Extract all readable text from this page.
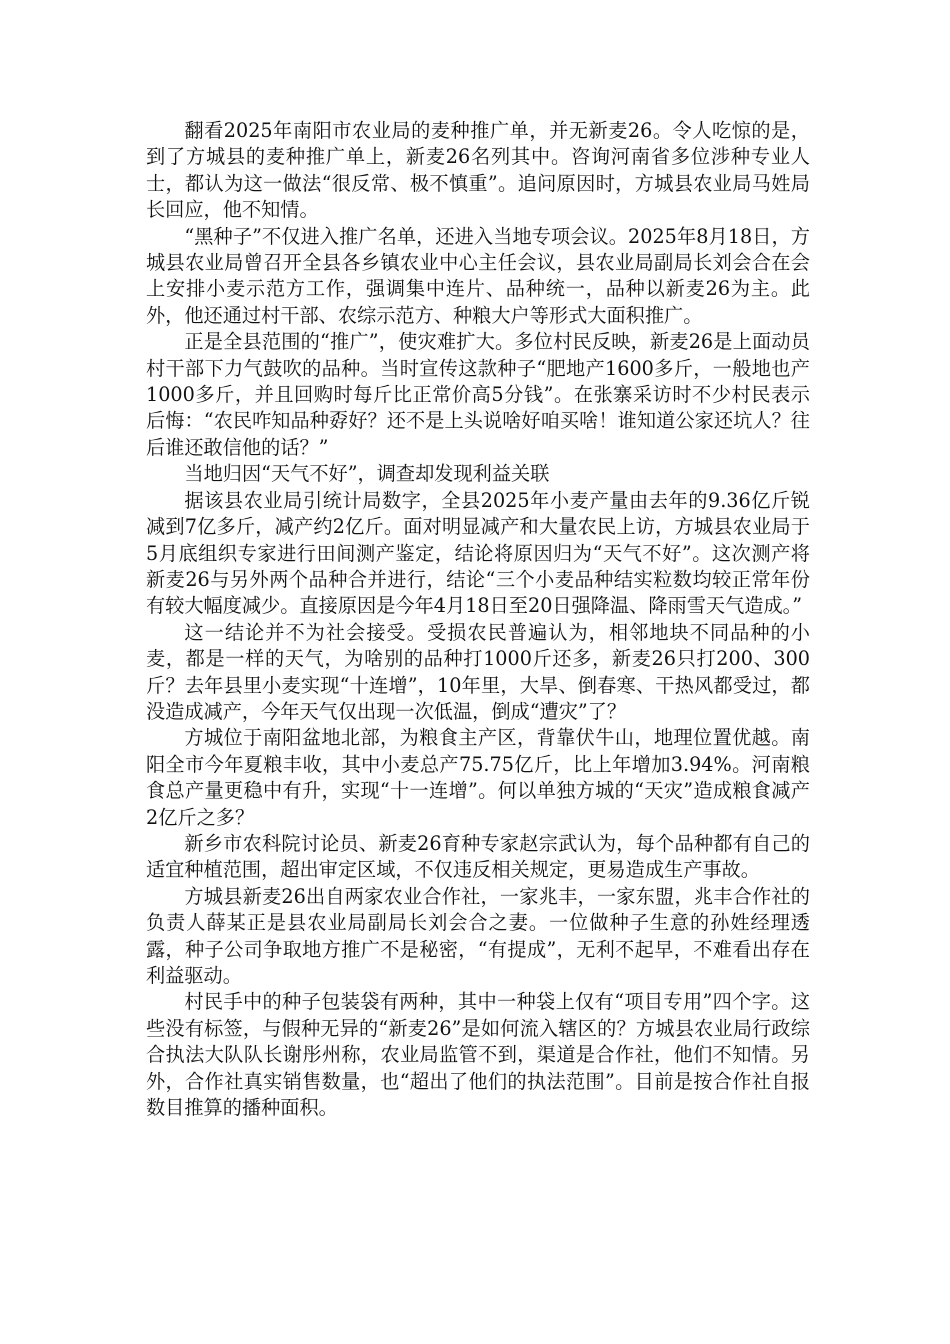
翻看2025年南阳市农业局的麦种推广单，并无新麦26。令人吃惊的是，到了方城县的麦种推广单上，新麦26名列其中。咨询河南省多位涉种专业人士，都认为这一做法“很反常、极不慎重”。追问原因时，方城县农业局马姓局长回应，他不知情。

“黑种子”不仅进入推广名单，还进入当地专项会议。2025年8月18日，方城县农业局曾召开全县各乡镇农业中心主任会议，县农业局副局长刘会合在会上安排小麦示范方工作，强调集中连片、品种统一，品种以新麦26为主。此外，他还通过村干部、农综示范方、种粮大户等形式大面积推广。

正是全县范围的“推广”，使灾难扩大。多位村民反映，新麦26是上面动员村干部下力气鼓吹的品种。当时宣传这款种子“肥地产1600多斤，一般地也产1000多斤，并且回购时每斤比正常价高5分钱”。在张寨采访时不少村民表示后悔：“农民咋知品种孬好？还不是上头说啥好咱买啥！谁知道公家还坑人？往后谁还敢信他的话？”

当地归因“天气不好”，调查却发现利益关联

据该县农业局引统计局数字，全县2025年小麦产量由去年的9.36亿斤锐减到7亿多斤，减产约2亿斤。面对明显减产和大量农民上访，方城县农业局于5月底组织专家进行田间测产鉴定，结论将原因归为“天气不好”。这次测产将新麦26与另外两个品种合并进行，结论“三个小麦品种结实粒数均较正常年份有较大幅度减少。直接原因是今年4月18日至20日强降温、降雨雪天气造成。”

这一结论并不为社会接受。受损农民普遍认为，相邻地块不同品种的小麦，都是一样的天气，为啥别的品种打1000斤还多，新麦26只打200、300斤？去年县里小麦实现“十连增”，10年里，大旱、倒春寒、干热风都受过，都没造成减产，今年天气仅出现一次低温，倒成“遭灾”了？

方城位于南阳盆地北部，为粮食主产区，背靠伏牛山，地理位置优越。南阳全市今年夏粮丰收，其中小麦总产75.75亿斤，比上年增加3.94%。河南粮食总产量更稳中有升，实现“十一连增”。何以单独方城的“天灾”造成粮食减产2亿斤之多？

新乡市农科院讨论员、新麦26育种专家赵宗武认为，每个品种都有自己的适宜种植范围，超出审定区域，不仅违反相关规定，更易造成生产事故。

方城县新麦26出自两家农业合作社，一家兆丰，一家东盟，兆丰合作社的负责人薛某正是县农业局副局长刘会合之妻。一位做种子生意的孙姓经理透露，种子公司争取地方推广不是秘密，“有提成”，无利不起早，不难看出存在利益驱动。

村民手中的种子包装袋有两种，其中一种袋上仅有“项目专用”四个字。这些没有标签，与假种无异的“新麦26”是如何流入辖区的？方城县农业局行政综合执法大队队长谢彤州称，农业局监管不到，渠道是合作社，他们不知情。另外，合作社真实销售数量，也“超出了他们的执法范围”。目前是按合作社自报数目推算的播种面积。
